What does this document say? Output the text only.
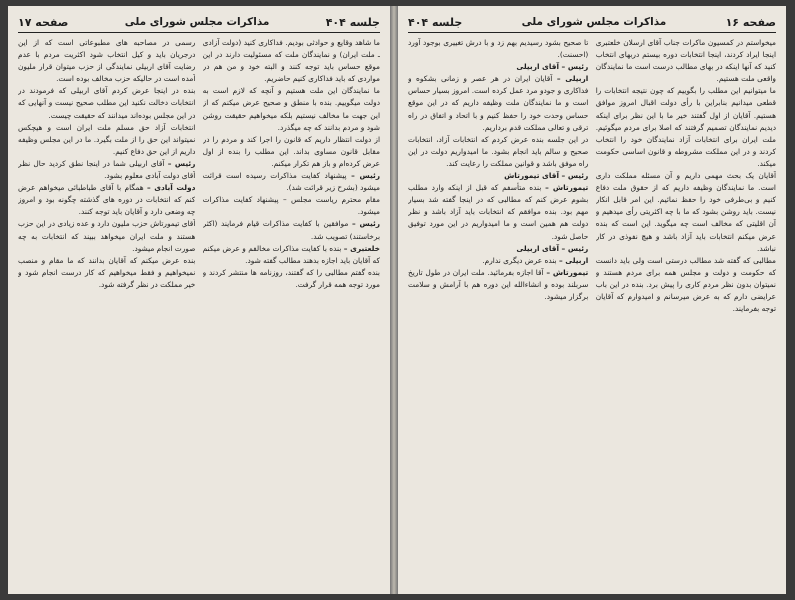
صفحه ۱۶
مذاکرات مجلس شورای ملی
جلسه ۴۰۴

میخواستم در کمسیون ماکرات جناب آقای ارسلان خلعتبری اینجا ایراد کردند، اینجا انتخابات دوره بیستم دربهای انتخاب کنید که آنها اینکه در بهای مطالب درست است ما نمایندگان واقعی ملت هستیم.

ما میتوانیم این مطلب را بگوییم که چون نتیجه انتخابات را قطعی میدانیم بنابراین با رأی دولت اقبال امروز موافق هستیم. آقایان از اول گفتند خیر ما با این نظر برای اینکه دیدیم نمایندگان تصمیم گرفتند که اصلا برای مردم میگوئیم. ملت ایران برای انتخابات آزاد نمایندگان خود را انتخاب کردند و در این مملکت مشروطه و قانون اساسی حکومت میکند.

آقایان یک بحث مهمی داریم و آن مسئله مملکت داری است. ما نمایندگان وظیفه داریم که از حقوق ملت دفاع کنیم و بی‌طرفی خود را حفظ نمائیم. این امر قابل انکار نیست. باید روشن بشود که ما با چه اکثریتی رأی میدهیم و آن اقلیتی که مخالف است چه میگوید. این است که بنده عرض میکنم انتخابات باید آزاد باشد و هیچ نفوذی در کار نباشد.

مطالبی که گفته شد مطالب درستی است ولی باید دانست که حکومت و دولت و مجلس همه برای مردم هستند و نمیتوان بدون نظر مردم کاری را پیش برد. بنده در این باب عرایضی دارم که به عرض میرسانم و امیدوارم که آقایان توجه بفرمایند.

تا صحیح بشود رسیدیم بهم زد و با درش تغییری بوجود آورد (احسنت).

رئیس – آقای اربیلی

اربیلی – آقایان ایران در هر عصر و زمانی بشکوه و فداکاری و جودو مرد عمل کرده است. امروز بسیار حساس است و ما نمایندگان ملت وظیفه داریم که در این موقع حساس وحدت خود را حفظ کنیم و با اتحاد و اتفاق در راه ترقی و تعالی مملکت قدم برداریم.

در این جلسه بنده عرض کردم که انتخابات آزاد، انتخابات صحیح و سالم باید انجام بشود. ما امیدواریم دولت در این راه موفق باشد و قوانین مملکت را رعایت کند.

رئیس – آقای تیمورتاش

تیمورتاش – بنده متأسفم که قبل از اینکه وارد مطلب بشوم عرض کنم که مطالبی که در اینجا گفته شد بسیار مهم بود. بنده موافقم که انتخابات باید آزاد باشد و نظر دولت هم همین است و ما امیدواریم در این مورد توفیق حاصل شود.

رئیس – آقای اربیلی

اربیلی – بنده عرض دیگری ندارم.

تیمورتاش – آقا اجازه بفرمائید. ملت ایران در طول تاریخ سربلند بوده و انشاءالله این دوره هم با آرامش و سلامت برگزار میشود.

جلسه ۴۰۴
مذاکرات مجلس شورای ملی
صفحه ۱۷

ما شاهد وقایع و حوادثی بودیم. فداکاری کنید (دولت آزادی ـ ملت ایران) و نمایندگان ملت که مسئولیت دارند در این موقع حساس باید توجه کنند و البته خود و من هم در مواردی که باید فداکاری کنیم حاضریم.

ما نمایندگان این ملت هستیم و آنچه که لازم است به دولت میگوییم. بنده با منطق و صحیح عرض میکنم که از این جهت ما مخالف نیستیم بلکه میخواهیم حقیقت روشن شود و مردم بدانند که چه میگذرد.

از دولت انتظار داریم که قانون را اجرا کند و مردم را در مقابل قانون مساوی بداند. این مطلب را بنده از اول عرض کرده‌ام و باز هم تکرار میکنم.

رئیس – پیشنهاد کفایت مذاکرات رسیده است قرائت میشود (بشرح زیر قرائت شد).

مقام محترم ریاست مجلس – پیشنهاد کفایت مذاکرات میشود.

رئیس – موافقین با کفایت مذاکرات قیام فرمایند (اکثر برخاستند) تصویب شد.

خلعتبری – بنده با کفایت مذاکرات مخالفم و عرض میکنم که آقایان باید اجازه بدهند مطالب گفته شود.

بنده گفتم مطالبی را که گفتند، روزنامه ها منتشر کردند و مورد توجه همه قرار گرفت.

رسمی در مصاحبه های مطبوعاتی است که از این درجریان باید و کیل انتخاب شود اکثریت مردم با عدم رضایت آقای اربیلی نمایندگی از حزب میتوان قرار ملیون آمده است در حالیکه حزب مخالف بوده است.

بنده در اینجا عرض کردم آقای اربیلی که فرمودند در انتخابات دخالت نکنید این مطلب صحیح نیست و آنهایی که در این مجلس بوده‌اند میدانند که حقیقت چیست.

انتخابات آزاد حق مسلم ملت ایران است و هیچکس نمیتواند این حق را از ملت بگیرد. ما در این مجلس وظیفه داریم از این حق دفاع کنیم.

رئیس – آقای اربیلی شما در اینجا نطق کردید حال نظر آقای دولت آبادی معلوم بشود.

دولت آبادی – همگام با آقای طباطبائی میخواهم عرض کنم که انتخابات در دوره های گذشته چگونه بود و امروز چه وضعی دارد و آقایان باید توجه کنند.

آقای تیمورتاش حزب ملیون دارد و عده زیادی در این حزب هستند و ملت ایران میخواهد ببیند که انتخابات به چه صورت انجام میشود.

بنده عرض میکنم که آقایان بدانند که ما مقام و منصب نمیخواهیم و فقط میخواهیم که کار درست انجام شود و خیر مملکت در نظر گرفته شود.
